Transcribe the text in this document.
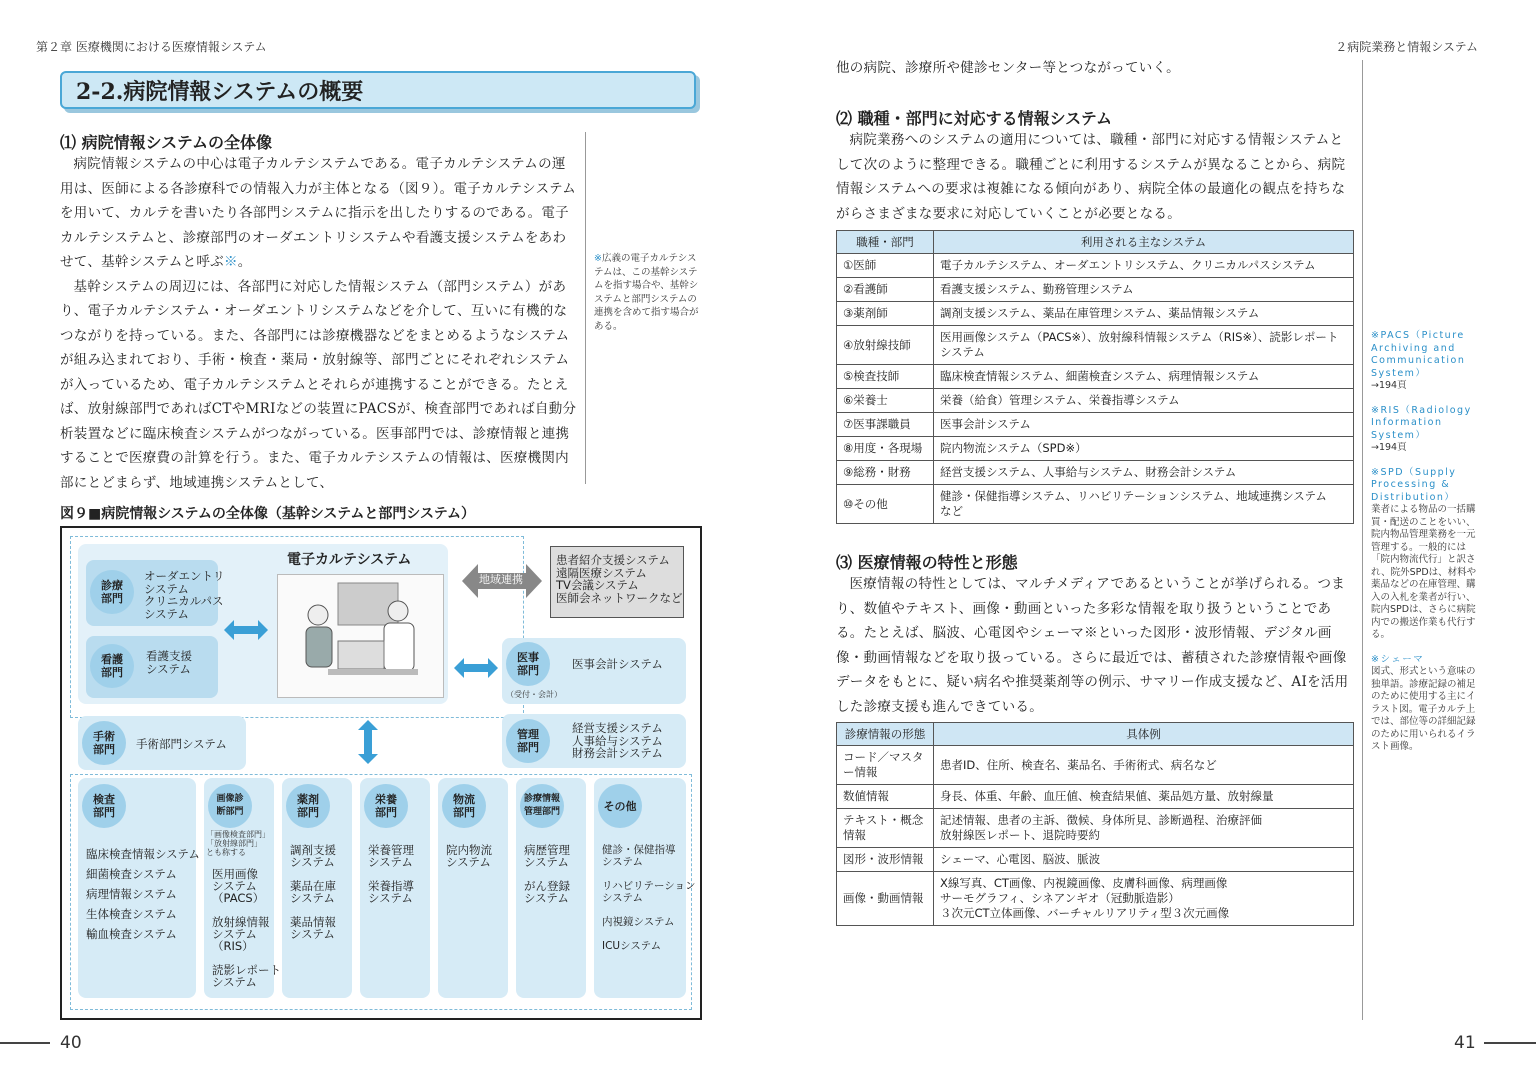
第２章 医療機関における医療情報システム	２病院業務と情報システム
2-2.病院情報システムの概要
⑴ 病院情報システムの全体像

病院情報システムの中心は電子カルテシステムである。電子カルテシステムの運用は、医師による各診療科での情報入力が主体となる（図９）。電子カルテシステムを用いて、カルテを書いたり各部門システムに指示を出したりするのである。電子カルテシステムと、診療部門のオーダエントリシステムや看護支援システムをあわせて、基幹システムと呼ぶ※。

基幹システムの周辺には、各部門に対応した情報システム（部門システム）があり、電子カルテシステム・オーダエントリシステムなどを介して、互いに有機的なつながりを持っている。また、各部門には診療機器などをまとめるようなシステムが組み込まれており、手術・検査・薬局・放射線等、部門ごとにそれぞれシステムが入っているため、電子カルテシステムとそれらが連携することができる。たとえば、放射線部門であればCTやMRIなどの装置にPACSが、検査部門であれば自動分析装置などに臨床検査システムがつながっている。医事部門では、診療情報と連携することで医療費の計算を行う。また、電子カルテシステムの情報は、医療機関内部にとどまらず、地域連携システムとして、

※広義の電子カルテシステムは、この基幹システムを指す場合や、基幹システムと部門システムの連携を含めて指す場合がある。
図９■病院情報システムの全体像（基幹システムと部門システム）
電子カルテシステム
診療
部門
オーダエントリ
システム
クリニカルパス
システム
看護
部門
看護支援
システム
地域連携
患者紹介支援システム
遠隔医療システム
TV会議システム
医師会ネットワークなど
医事
部門	医事会計システム
（受付・会計）
管理
部門
経営支援システム
人事給与システム
財務会計システム
手術
部門	手術部門システム
検査
部門
臨床検査情報システム
細菌検査システム
病理情報システム
生体検査システム
輸血検査システム
画像診
断部門
「画像検査部門」
「放射線部門」
とも称する
医用画像
システム
（PACS）

放射線情報
システム
（RIS）

読影レポート
システム
薬剤
部門
調剤支援
システム

薬品在庫
システム

薬品情報
システム
栄養
部門
栄養管理
システム

栄養指導
システム
物流
部門
院内物流
システム
診療情報
管理部門
病歴管理
システム

がん登録
システム
その他
健診・保健指導
システム

リハビリテーション
システム

内視鏡システム

ICUシステム
40	41
他の病院、診療所や健診センター等とつながっていく。
⑵ 職種・部門に対応する情報システム

病院業務へのシステムの適用については、職種・部門に対応する情報システムとして次のように整理できる。職種ごとに利用するシステムが異なることから、病院情報システムへの要求は複雑になる傾向があり、病院全体の最適化の観点を持ちながらさまざまな要求に対応していくことが必要となる。

職種・部門	利用される主なシステム
①医師	電子カルテシステム、オーダエントリシステム、クリニカルパスシステム
②看護師	看護支援システム、勤務管理システム
③薬剤師	調剤支援システム、薬品在庫管理システム、薬品情報システム
④放射線技師	医用画像システム（PACS※）、放射線科情報システム（RIS※）、読影レポートシステム
⑤検査技師	臨床検査情報システム、細菌検査システム、病理情報システム
⑥栄養士	栄養（給食）管理システム、栄養指導システム
⑦医事課職員	医事会計システム
⑧用度・各現場	院内物流システム（SPD※）
⑨総務・財務	経営支援システム、人事給与システム、財務会計システム
⑩その他	健診・保健指導システム、リハビリテーションシステム、地域連携システム　など
⑶ 医療情報の特性と形態

医療情報の特性としては、マルチメディアであるということが挙げられる。つまり、数値やテキスト、画像・動画といった多彩な情報を取り扱うということである。たとえば、脳波、心電図やシェーマ※といった図形・波形情報、デジタル画像・動画情報などを取り扱っている。さらに最近では、蓄積された診療情報や画像データをもとに、疑い病名や推奨薬剤等の例示、サマリー作成支援など、AIを活用した診療支援も進んできている。

診療情報の形態	具体例
コード／マスター情報	患者ID、住所、検査名、薬品名、手術術式、病名など
数値情報	身長、体重、年齢、血圧値、検査結果値、薬品処方量、放射線量
テキスト・概念情報	記述情報、患者の主訴、徴候、身体所見、診断過程、治療評価
放射線医レポート、退院時要約
図形・波形情報	シェーマ、心電図、脳波、脈波
画像・動画情報	X線写真、CT画像、内視鏡画像、皮膚科画像、病理画像
サーモグラフィ、シネアンギオ（冠動脈造影）
３次元CT立体画像、バーチャルリアリティ型３次元画像
※PACS（Picture Archiving and Communication System）
→194頁
※RIS（Radiology Information System）
→194頁
※SPD（Supply Processing & Distribution）
業者による物品の一括購買・配送のことをいい、院内物品管理業務を一元管理する。一般的には「院内物流代行」と訳され、院外SPDは、材料や薬品などの在庫管理、購入の入札を業者が行い、院内SPDは、さらに病院内での搬送作業も代行する。
※シェーマ
図式、形式という意味の独単語。診療記録の補足のために使用する主にイラスト図。電子カルテ上では、部位等の詳細記録のために用いられるイラスト画像。
